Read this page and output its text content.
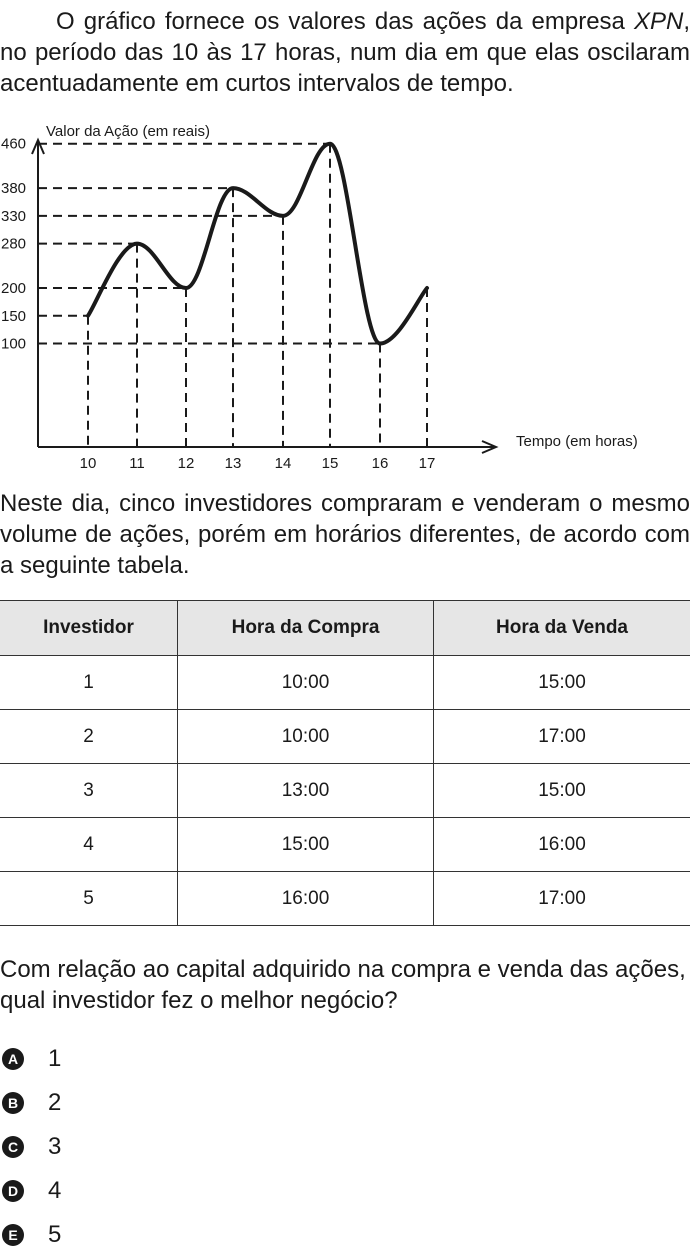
O gráfico fornece os valores das ações da empresa XPN, no período das 10 às 17 horas, num dia em que elas oscilaram acentuadamente em curtos intervalos de tempo.

Valor da Ação (em reais)
Tempo (em horas)
460
380
330
280
200
150
100
10 11 12 13 14 15 16 17

Neste dia, cinco investidores compraram e venderam o mesmo volume de ações, porém em horários diferentes, de acordo com a seguinte tabela.

Investidor	Hora da Compra	Hora da Venda
1	10:00	15:00
2	10:00	17:00
3	13:00	15:00
4	15:00	16:00
5	16:00	17:00

Com relação ao capital adquirido na compra e venda das ações, qual investidor fez o melhor negócio?

A 1
B 2
C 3
D 4
E 5
